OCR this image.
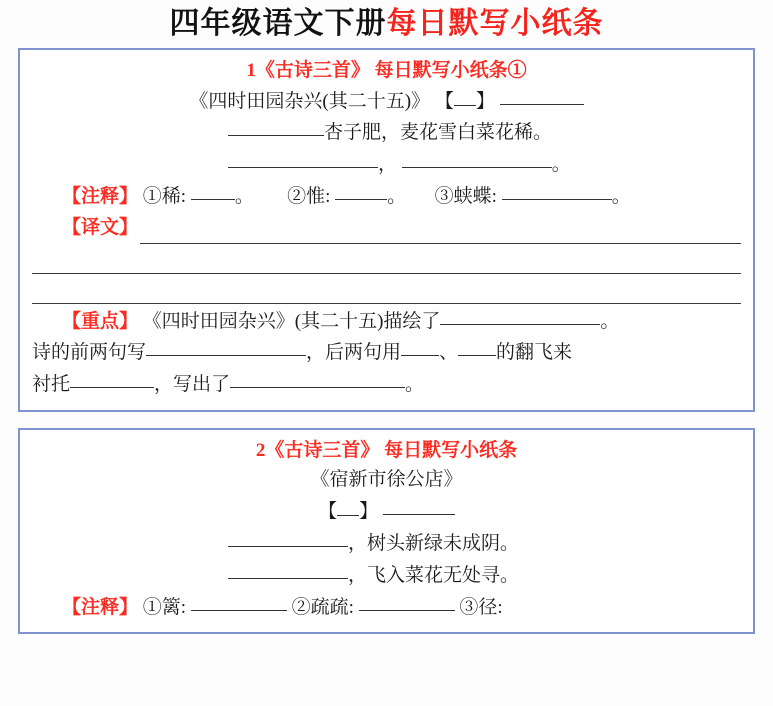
四年级语文下册每日默写小纸条
1《古诗三首》 每日默写小纸条①
《四时田园杂兴(其二十五)》 【 】
杏子肥，麦花雪白菜花稀。
，	。
【注释】 ①稀:	。 ②惟:	。 ③蛱蝶:	。
【译文】
【重点】 《四时田园杂兴》(其二十五)描绘了	。
诗的前两句写	，后两句用 、 的翻飞来
衬托	，写出了	。
2《古诗三首》 每日默写小纸条
《宿新市徐公店》
【 】
，树头新绿未成阴。
，飞入菜花无处寻。
【注释】 ①篱:	②疏疏:	③径:
